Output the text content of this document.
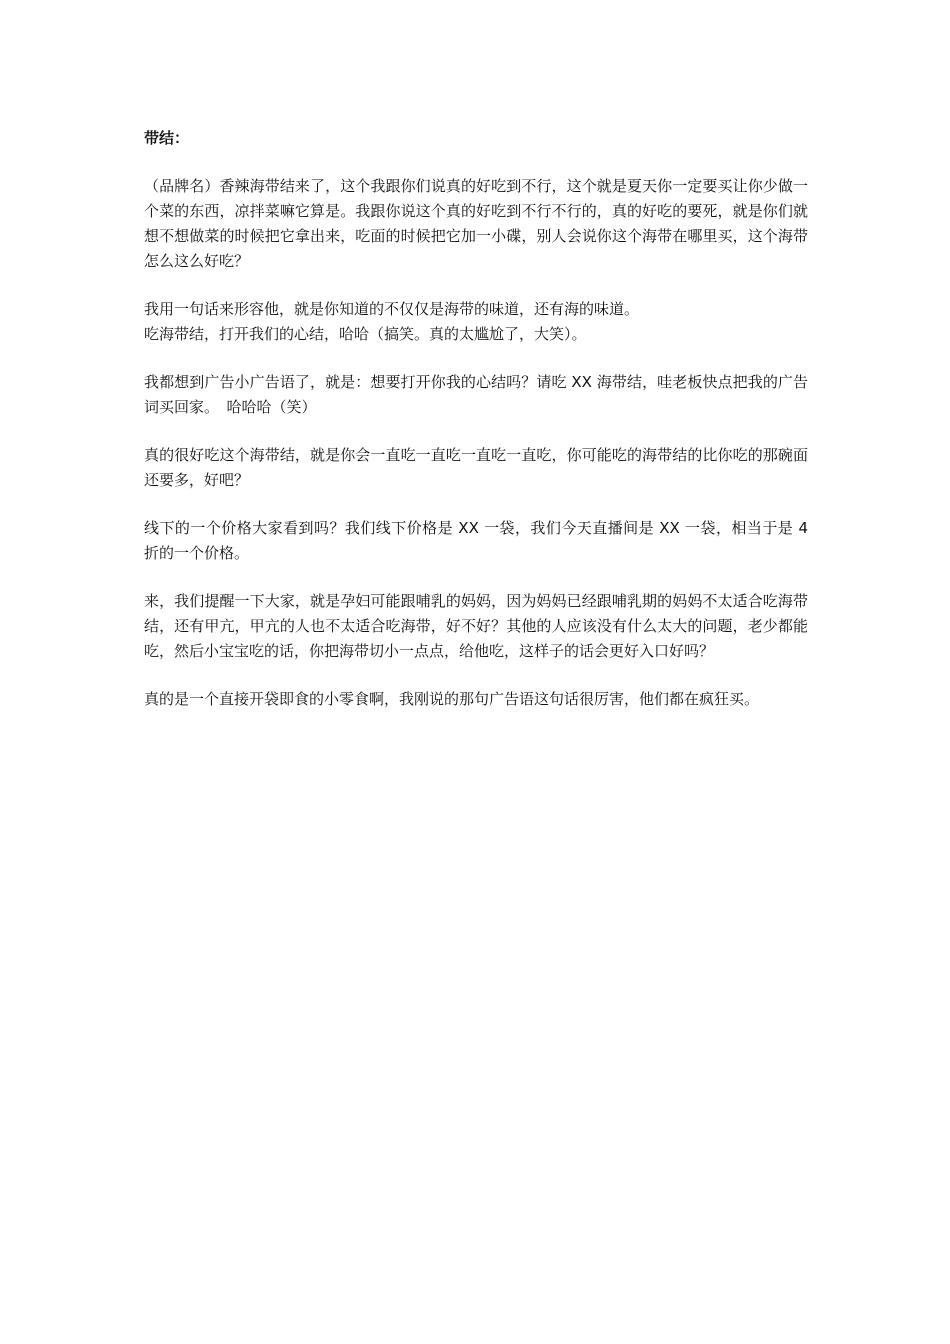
带结：

（品牌名）香辣海带结来了，这个我跟你们说真的好吃到不行，这个就是夏天你一定要买让你少做一个菜的东西，凉拌菜嘛它算是。我跟你说这个真的好吃到不行不行的，真的好吃的要死，就是你们就想不想做菜的时候把它拿出来，吃面的时候把它加一小碟，别人会说你这个海带在哪里买，这个海带怎么这么好吃？

我用一句话来形容他，就是你知道的不仅仅是海带的味道，还有海的味道。

吃海带结，打开我们的心结，哈哈（搞笑。真的太尴尬了，大笑）。

我都想到广告小广告语了，就是：想要打开你我的心结吗？请吃 XX 海带结，哇老板快点把我的广告词买回家。　哈哈哈（笑）

真的很好吃这个海带结，就是你会一直吃一直吃一直吃一直吃，你可能吃的海带结的比你吃的那碗面还要多，好吧？

线下的一个价格大家看到吗？我们线下价格是 XX 一袋，我们今天直播间是 XX 一袋，相当于是 4 折的一个价格。

来，我们提醒一下大家，就是孕妇可能跟哺乳的妈妈，因为妈妈已经跟哺乳期的妈妈不太适合吃海带结，还有甲亢，甲亢的人也不太适合吃海带，好不好？其他的人应该没有什么太大的问题，老少都能吃，然后小宝宝吃的话，你把海带切小一点点，给他吃，这样子的话会更好入口好吗？

真的是一个直接开袋即食的小零食啊，我刚说的那句广告语这句话很厉害，他们都在疯狂买。
